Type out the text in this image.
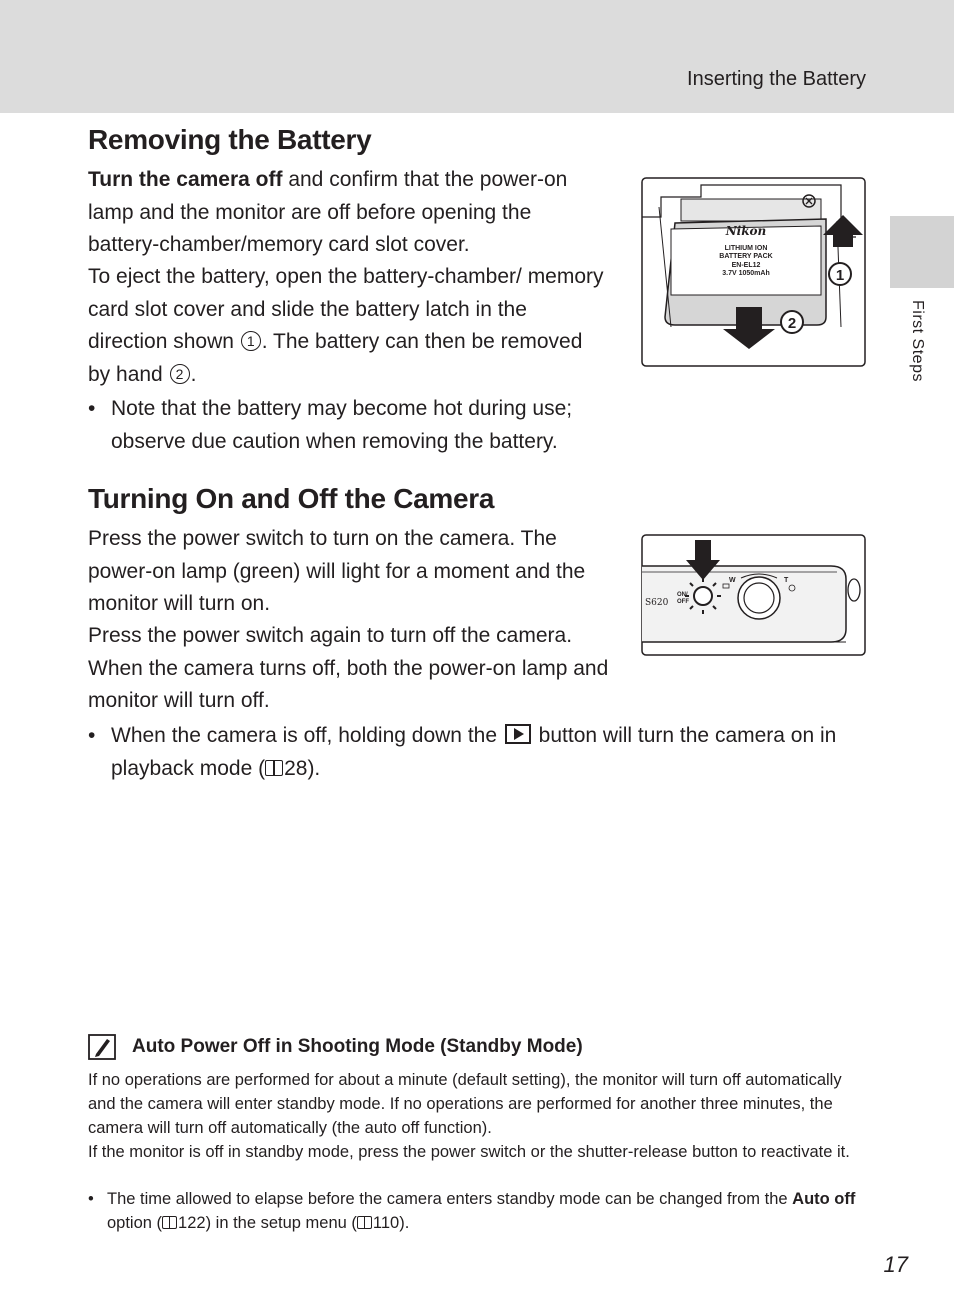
Inserting the Battery
First Steps
Removing the Battery

Turn the camera off and confirm that the power-on lamp and the monitor are off before opening the battery-chamber/memory card slot cover.

To eject the battery, open the battery-chamber/ memory card slot cover and slide the battery latch in the direction shown 1 . The battery can then be removed by hand 2 .

• Note that the battery may become hot during use; observe due caution when removing the battery.

Nikon
LITHIUM ION
BATTERY PACK
EN-EL12
3.7V 1050mAh	1
2
Turning On and Off the Camera

Press the power switch to turn on the camera. The power-on lamp (green) will light for a moment and the monitor will turn on.

Press the power switch again to turn off the camera. When the camera turns off, both the power-on lamp and monitor will turn off.

• When the camera is off, holding down the  button will turn the camera on in playback mode ( 28).

S620
ON/
OFF
W	T
Auto Power Off in Shooting Mode (Standby Mode)

If no operations are performed for about a minute (default setting), the monitor will turn off automatically and the camera will enter standby mode. If no operations are performed for another three minutes, the camera will turn off automatically (the auto off function).

If the monitor is off in standby mode, press the power switch or the shutter-release button to reactivate it.

• The time allowed to elapse before the camera enters standby mode can be changed from the Auto off option ( 122) in the setup menu ( 110).

17
